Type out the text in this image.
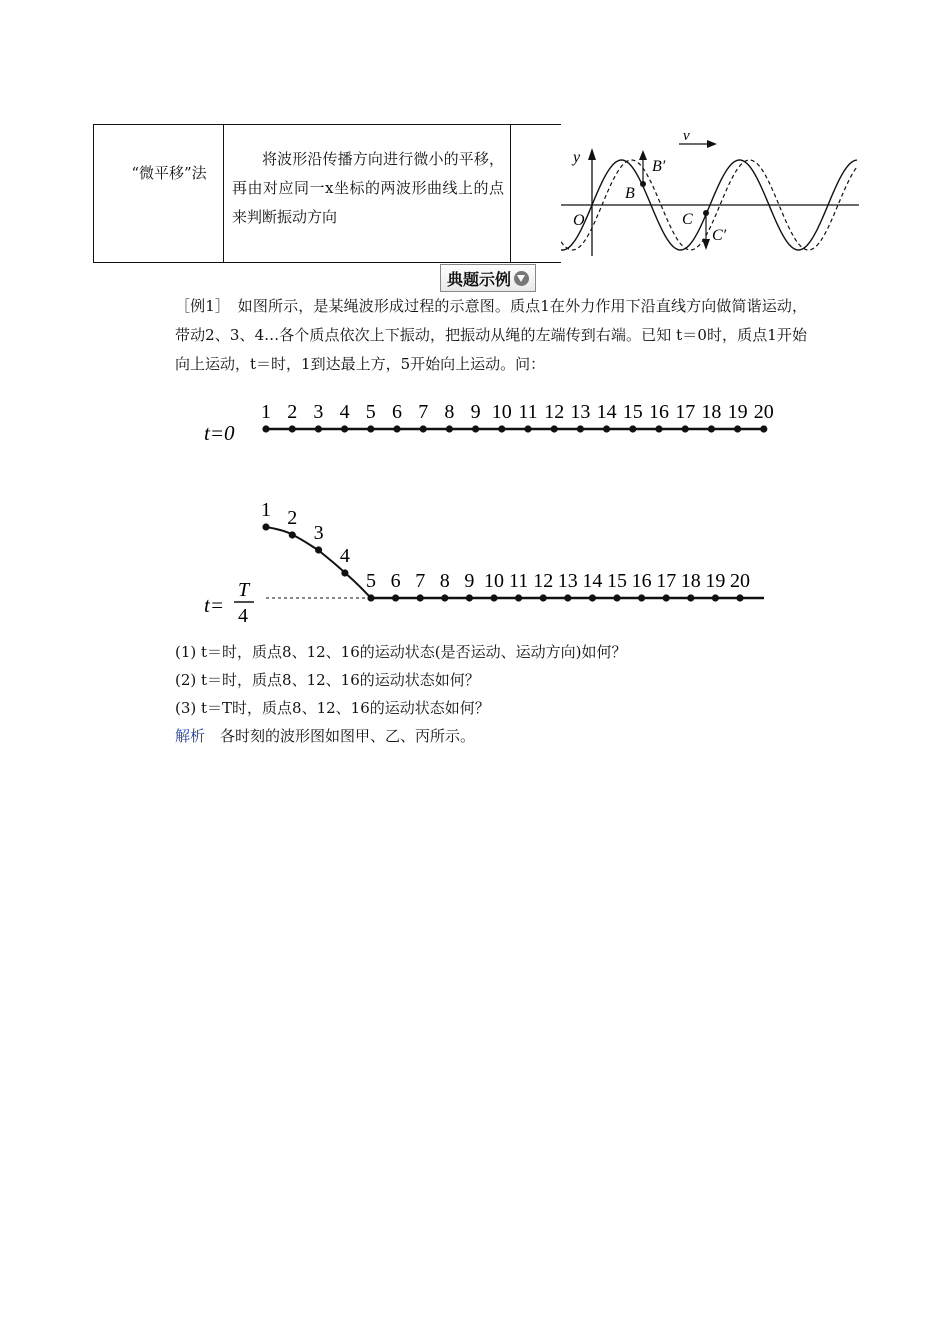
“微平移”法
将波形沿传播方向进行微小的平移，再由对应同一x坐标的两波形曲线上的点来判断振动方向
y
v
O
B
B′
C
C′
典题示例
［例1］　如图所示，是某绳波形成过程的示意图。质点1在外力作用下沿直线方向做简谐运动，带动2、3、4…各个质点依次上下振动，把振动从绳的左端传到右端。已知 t＝0时，质点1开始向上运动，t＝时，1到达最上方，5开始向上运动。问：
t=0
1 2 3 4 5 6 7 8 9 10 11 12 13 14 15 16 17 18 19 20
t=
T
4
1 2
3
4
5 6 7 8 9 10 11 12 13 14 15 16 17 18 19 20
(1) t＝时，质点8、12、16的运动状态(是否运动、运动方向)如何？
(2) t＝时，质点8、12、16的运动状态如何？
(3) t＝T时，质点8、12、16的运动状态如何？
解析　 各时刻的波形图如图甲、乙、丙所示。
